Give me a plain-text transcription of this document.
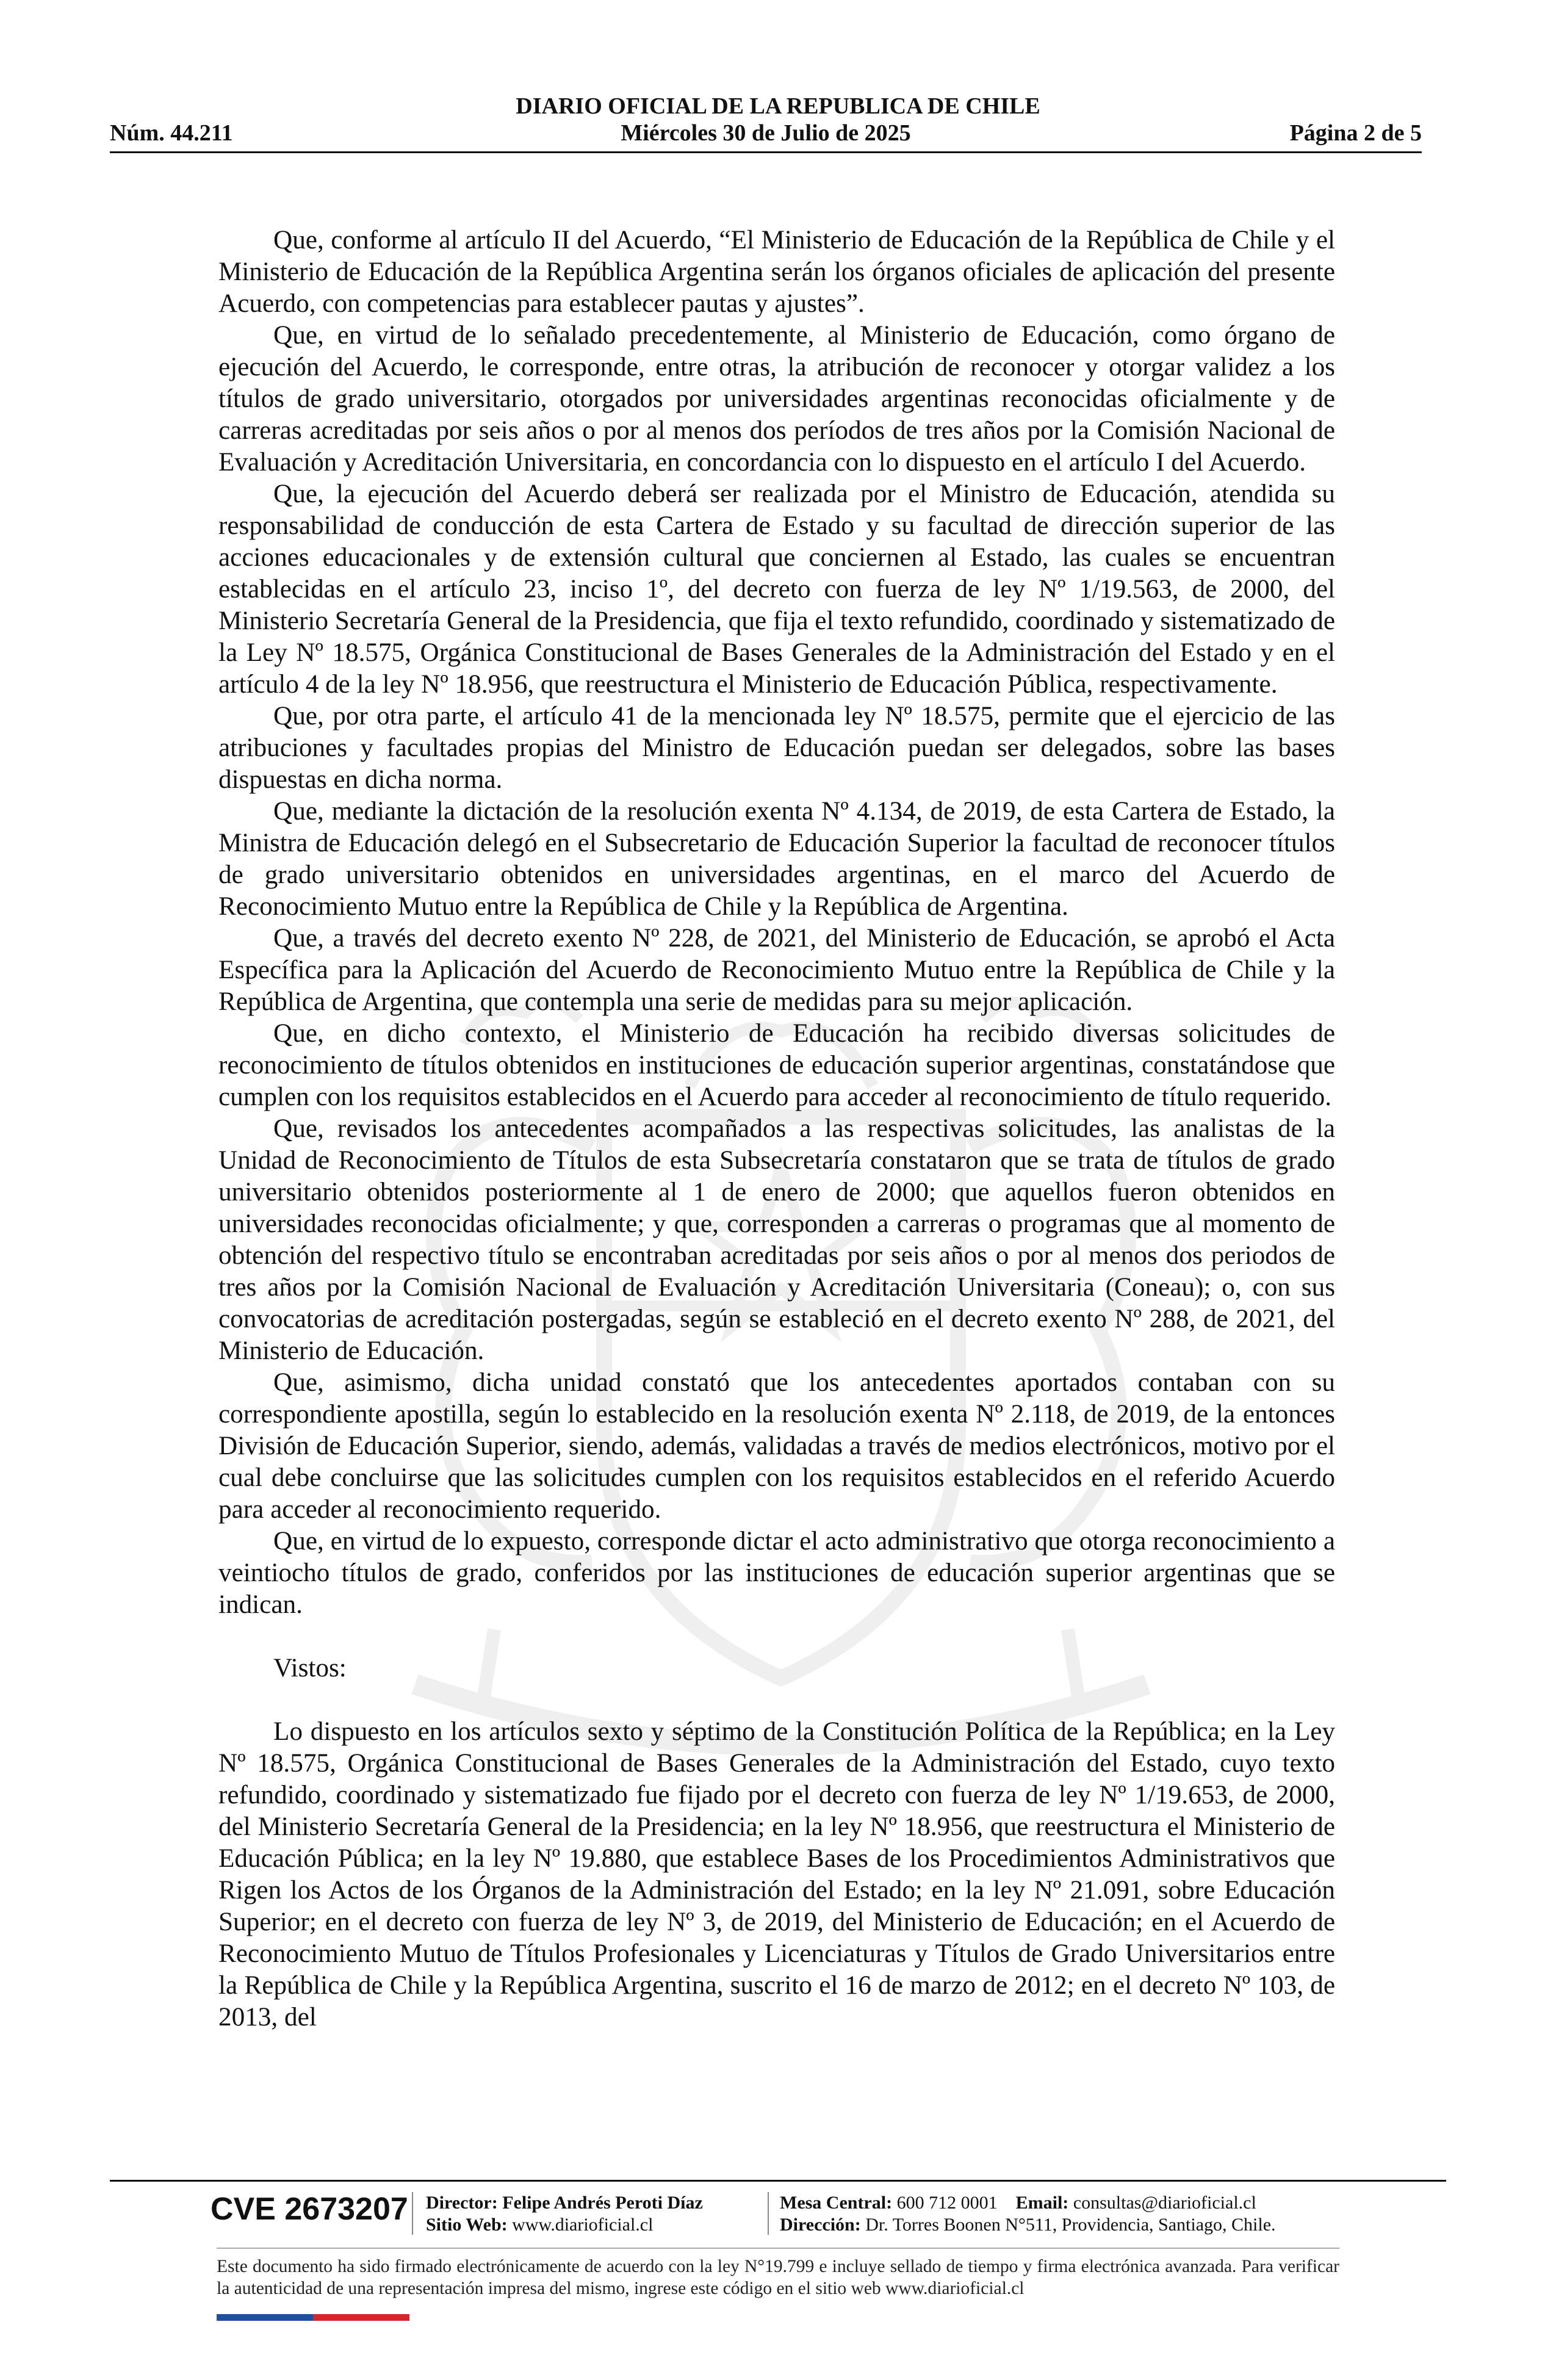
DIARIO OFICIAL DE LA REPUBLICA DE CHILE
Núm. 44.211	Miércoles 30 de Julio de 2025	Página 2 de 5

Que, conforme al artículo II del Acuerdo, “El Ministerio de Educación de la República de Chile y el Ministerio de Educación de la República Argentina serán los órganos oficiales de aplicación del presente Acuerdo, con competencias para establecer pautas y ajustes”.

Que, en virtud de lo señalado precedentemente, al Ministerio de Educación, como órgano de ejecución del Acuerdo, le corresponde, entre otras, la atribución de reconocer y otorgar validez a los títulos de grado universitario, otorgados por universidades argentinas reconocidas oficialmente y de carreras acreditadas por seis años o por al menos dos períodos de tres años por la Comisión Nacional de Evaluación y Acreditación Universitaria, en concordancia con lo dispuesto en el artículo I del Acuerdo.

Que, la ejecución del Acuerdo deberá ser realizada por el Ministro de Educación, atendida su responsabilidad de conducción de esta Cartera de Estado y su facultad de dirección superior de las acciones educacionales y de extensión cultural que conciernen al Estado, las cuales se encuentran establecidas en el artículo 23, inciso 1º, del decreto con fuerza de ley Nº 1/19.563, de 2000, del Ministerio Secretaría General de la Presidencia, que fija el texto refundido, coordinado y sistematizado de la Ley Nº 18.575, Orgánica Constitucional de Bases Generales de la Administración del Estado y en el artículo 4 de la ley Nº 18.956, que reestructura el Ministerio de Educación Pública, respectivamente.

Que, por otra parte, el artículo 41 de la mencionada ley Nº 18.575, permite que el ejercicio de las atribuciones y facultades propias del Ministro de Educación puedan ser delegados, sobre las bases dispuestas en dicha norma.

Que, mediante la dictación de la resolución exenta Nº 4.134, de 2019, de esta Cartera de Estado, la Ministra de Educación delegó en el Subsecretario de Educación Superior la facultad de reconocer títulos de grado universitario obtenidos en universidades argentinas, en el marco del Acuerdo de Reconocimiento Mutuo entre la República de Chile y la República de Argentina.

Que, a través del decreto exento Nº 228, de 2021, del Ministerio de Educación, se aprobó el Acta Específica para la Aplicación del Acuerdo de Reconocimiento Mutuo entre la República de Chile y la República de Argentina, que contempla una serie de medidas para su mejor aplicación.

Que, en dicho contexto, el Ministerio de Educación ha recibido diversas solicitudes de reconocimiento de títulos obtenidos en instituciones de educación superior argentinas, constatándose que cumplen con los requisitos establecidos en el Acuerdo para acceder al reconocimiento de título requerido.

Que, revisados los antecedentes acompañados a las respectivas solicitudes, las analistas de la Unidad de Reconocimiento de Títulos de esta Subsecretaría constataron que se trata de títulos de grado universitario obtenidos posteriormente al 1 de enero de 2000; que aquellos fueron obtenidos en universidades reconocidas oficialmente; y que, corresponden a carreras o programas que al momento de obtención del respectivo título se encontraban acreditadas por seis años o por al menos dos periodos de tres años por la Comisión Nacional de Evaluación y Acreditación Universitaria (Coneau); o, con sus convocatorias de acreditación postergadas, según se estableció en el decreto exento Nº 288, de 2021, del Ministerio de Educación.

Que, asimismo, dicha unidad constató que los antecedentes aportados contaban con su correspondiente apostilla, según lo establecido en la resolución exenta Nº 2.118, de 2019, de la entonces División de Educación Superior, siendo, además, validadas a través de medios electrónicos, motivo por el cual debe concluirse que las solicitudes cumplen con los requisitos establecidos en el referido Acuerdo para acceder al reconocimiento requerido.

Que, en virtud de lo expuesto, corresponde dictar el acto administrativo que otorga reconocimiento a veintiocho títulos de grado, conferidos por las instituciones de educación superior argentinas que se indican.

Vistos:

Lo dispuesto en los artículos sexto y séptimo de la Constitución Política de la República; en la Ley Nº 18.575, Orgánica Constitucional de Bases Generales de la Administración del Estado, cuyo texto refundido, coordinado y sistematizado fue fijado por el decreto con fuerza de ley Nº 1/19.653, de 2000, del Ministerio Secretaría General de la Presidencia; en la ley Nº 18.956, que reestructura el Ministerio de Educación Pública; en la ley Nº 19.880, que establece Bases de los Procedimientos Administrativos que Rigen los Actos de los Órganos de la Administración del Estado; en la ley Nº 21.091, sobre Educación Superior; en el decreto con fuerza de ley Nº 3, de 2019, del Ministerio de Educación; en el Acuerdo de Reconocimiento Mutuo de Títulos Profesionales y Licenciaturas y Títulos de Grado Universitarios entre la República de Chile y la República Argentina, suscrito el 16 de marzo de 2012; en el decreto Nº 103, de 2013, del

CVE 2673207 Director: Felipe Andrés Peroti Díaz
Sitio Web: www.diarioficial.cl
Mesa Central: 600 712 0001 Email: consultas@diarioficial.cl
Dirección: Dr. Torres Boonen N°511, Providencia, Santiago, Chile.
Este documento ha sido firmado electrónicamente de acuerdo con la ley N°19.799 e incluye sellado de tiempo y firma electrónica avanzada. Para verificar la autenticidad de una representación impresa del mismo, ingrese este código en el sitio web www.diarioficial.cl
